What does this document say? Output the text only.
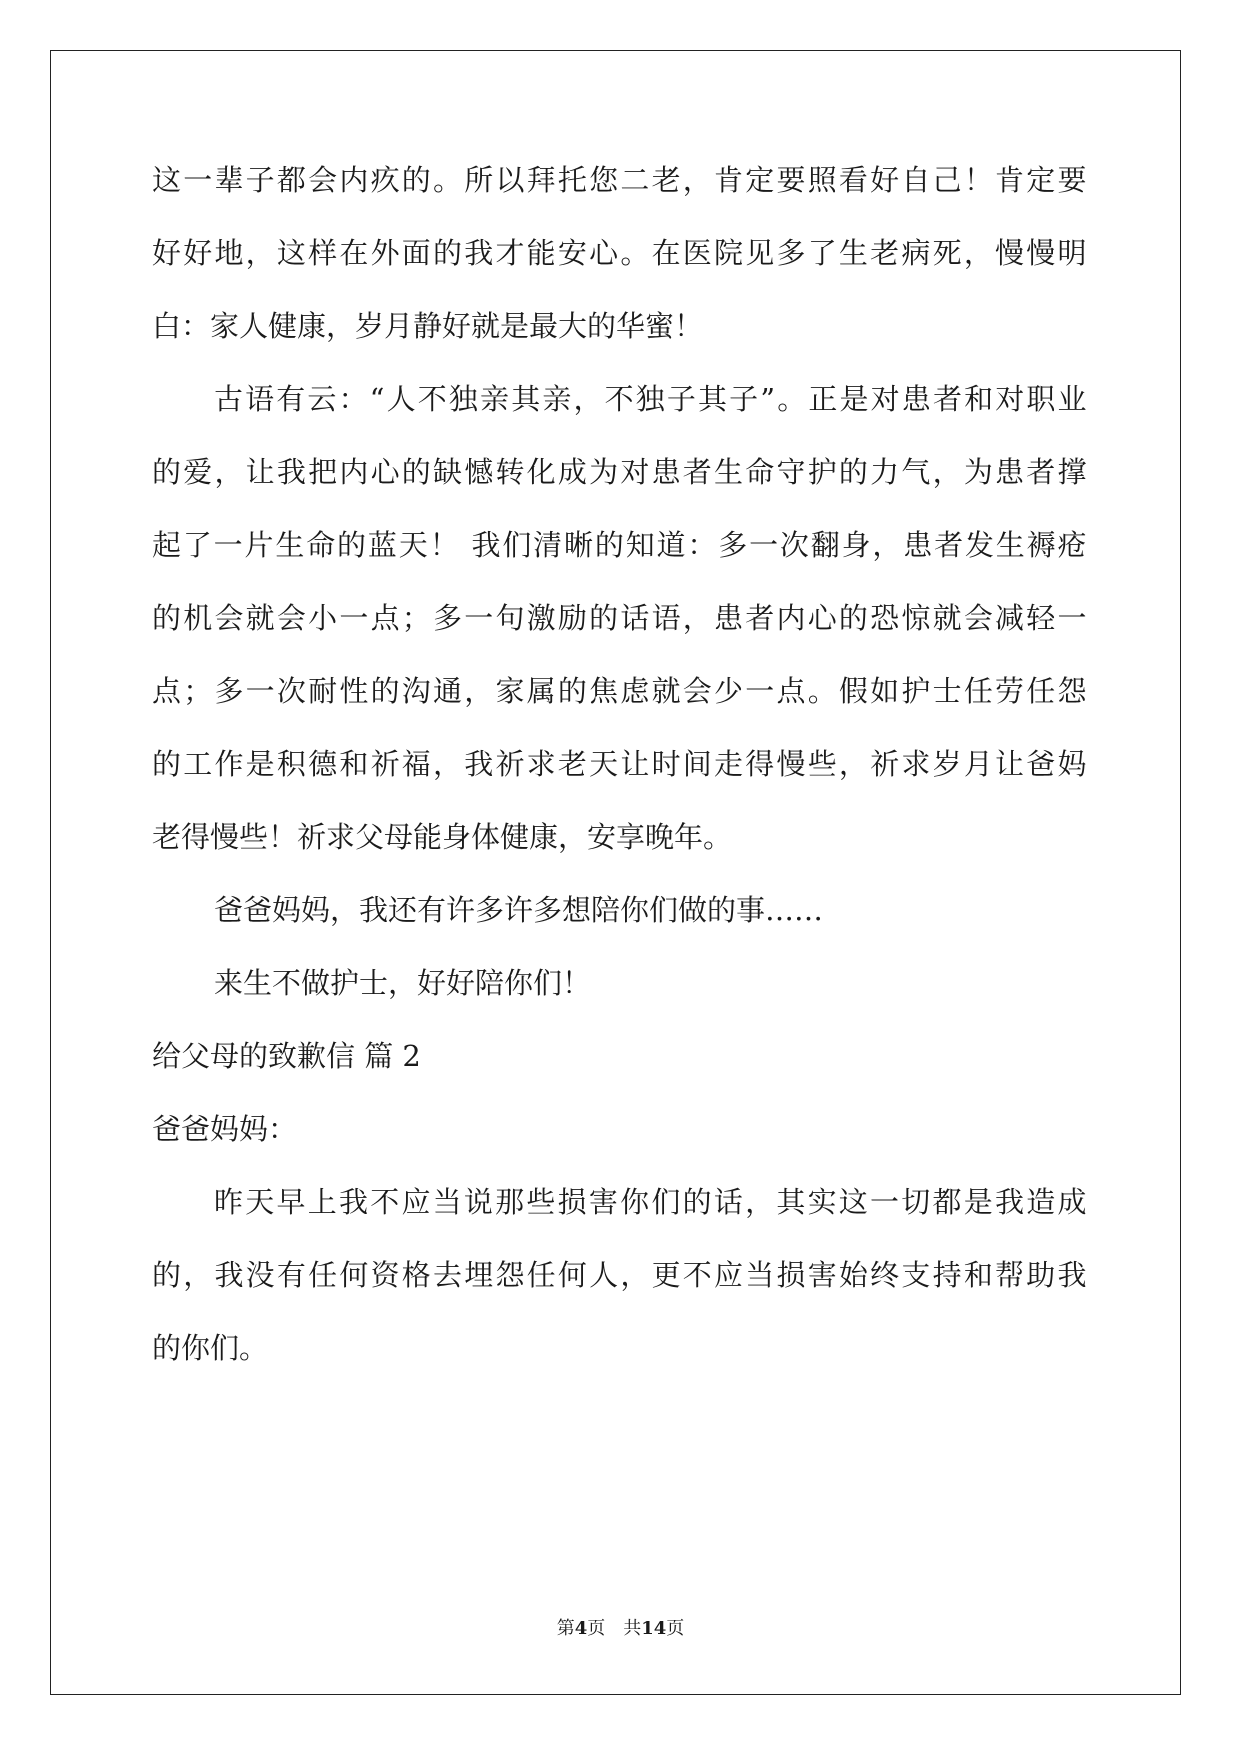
这一辈子都会内疚的。所以拜托您二老，肯定要照看好自己！肯定要
好好地，这样在外面的我才能安心。在医院见多了生老病死，慢慢明
白：家人健康，岁月静好就是最大的华蜜！
古语有云：“人不独亲其亲，不独子其子”。正是对患者和对职业
的爱，让我把内心的缺憾转化成为对患者生命守护的力气，为患者撑
起了一片生命的蓝天！ 我们清晰的知道：多一次翻身，患者发生褥疮
的机会就会小一点；多一句激励的话语，患者内心的恐惊就会减轻一
点；多一次耐性的沟通，家属的焦虑就会少一点。假如护士任劳任怨
的工作是积德和祈福，我祈求老天让时间走得慢些，祈求岁月让爸妈
老得慢些！祈求父母能身体健康，安享晚年。
爸爸妈妈，我还有许多许多想陪你们做的事……
来生不做护士，好好陪你们！
给父母的致歉信 篇 2
爸爸妈妈：
昨天早上我不应当说那些损害你们的话，其实这一切都是我造成
的，我没有任何资格去埋怨任何人，更不应当损害始终支持和帮助我
的你们。
第4页　共14页
